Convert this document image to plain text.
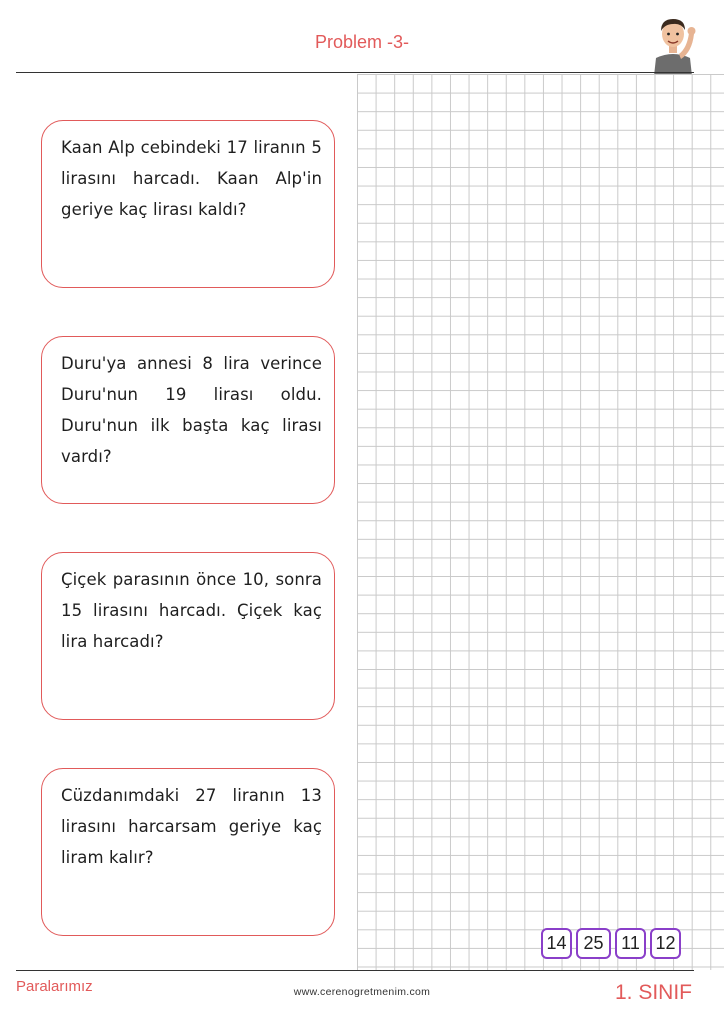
Problem -3-

Kaan Alp cebindeki 17 liranın 5 lirasını harcadı. Kaan Alp'in geriye kaç lirası kaldı?

Duru'ya annesi 8 lira verince Duru'nun 19 lirası oldu. Duru'nun ilk başta kaç lirası vardı?

Çiçek parasının önce 10, sonra 15 lirasını harcadı. Çiçek kaç lira harcadı?

Cüzdanımdaki 27 liranın 13 lirasını harcarsam geriye kaç liram kalır?

14 25 11 12
Paralarımız	www.cerenogretmenim.com	1. SINIF
